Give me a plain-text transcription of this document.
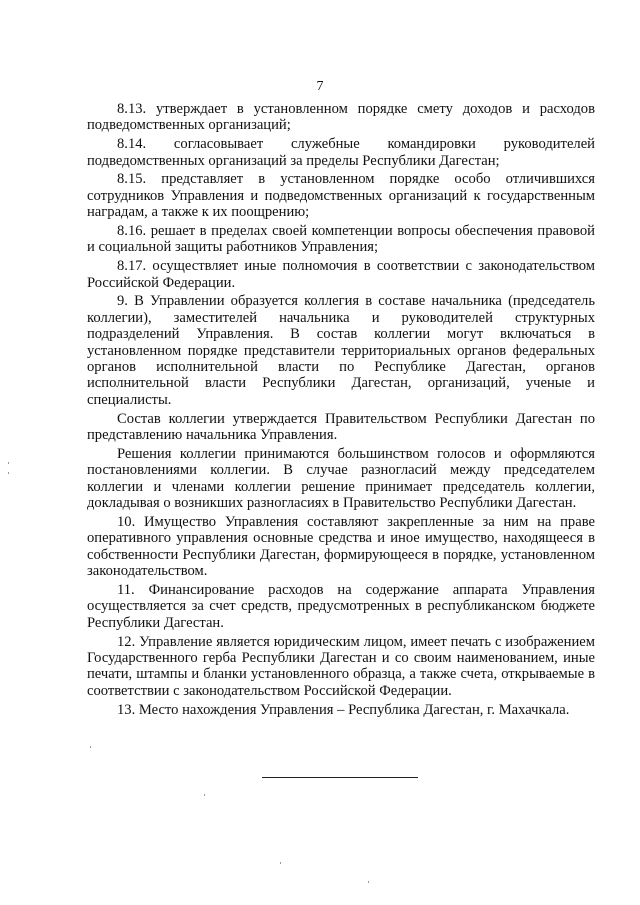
7

8.13. утверждает в установленном порядке смету доходов и расходов подведомственных организаций;

8.14. согласовывает служебные командировки руководителей подведомственных организаций за пределы Республики Дагестан;

8.15. представляет в установленном порядке особо отличившихся сотрудников Управления и подведомственных организаций к государственным наградам, а также к их поощрению;

8.16. решает в пределах своей компетенции вопросы обеспечения правовой и социальной защиты работников Управления;

8.17. осуществляет иные полномочия в соответствии с законодательством Российской Федерации.

9. В Управлении образуется коллегия в составе начальника (председатель коллегии), заместителей начальника и руководителей структурных подразделений Управления. В состав коллегии могут включаться в установленном порядке представители территориальных органов федеральных органов исполнительной власти по Республике Дагестан, органов исполнительной власти Республики Дагестан, организаций, ученые и специалисты.

Состав коллегии утверждается Правительством Республики Дагестан по представлению начальника Управления.

Решения коллегии принимаются большинством голосов и оформляются постановлениями коллегии. В случае разногласий между председателем коллегии и членами коллегии решение принимает председатель коллегии, докладывая о возникших разногласиях в Правительство Республики Дагестан.

10. Имущество Управления составляют закрепленные за ним на праве оперативного управления основные средства и иное имущество, находящееся в собственности Республики Дагестан, формирующееся в порядке, установленном законодательством.

11. Финансирование расходов на содержание аппарата Управления осуществляется за счет средств, предусмотренных в республиканском бюджете Республики Дагестан.

12. Управление является юридическим лицом, имеет печать с изображением Государственного герба Республики Дагестан и со своим наименованием, иные печати, штампы и бланки установленного образца, а также счета, открываемые в соответствии с законодательством Российской Федерации.

13. Место нахождения Управления – Республика Дагестан, г. Махачкала.
